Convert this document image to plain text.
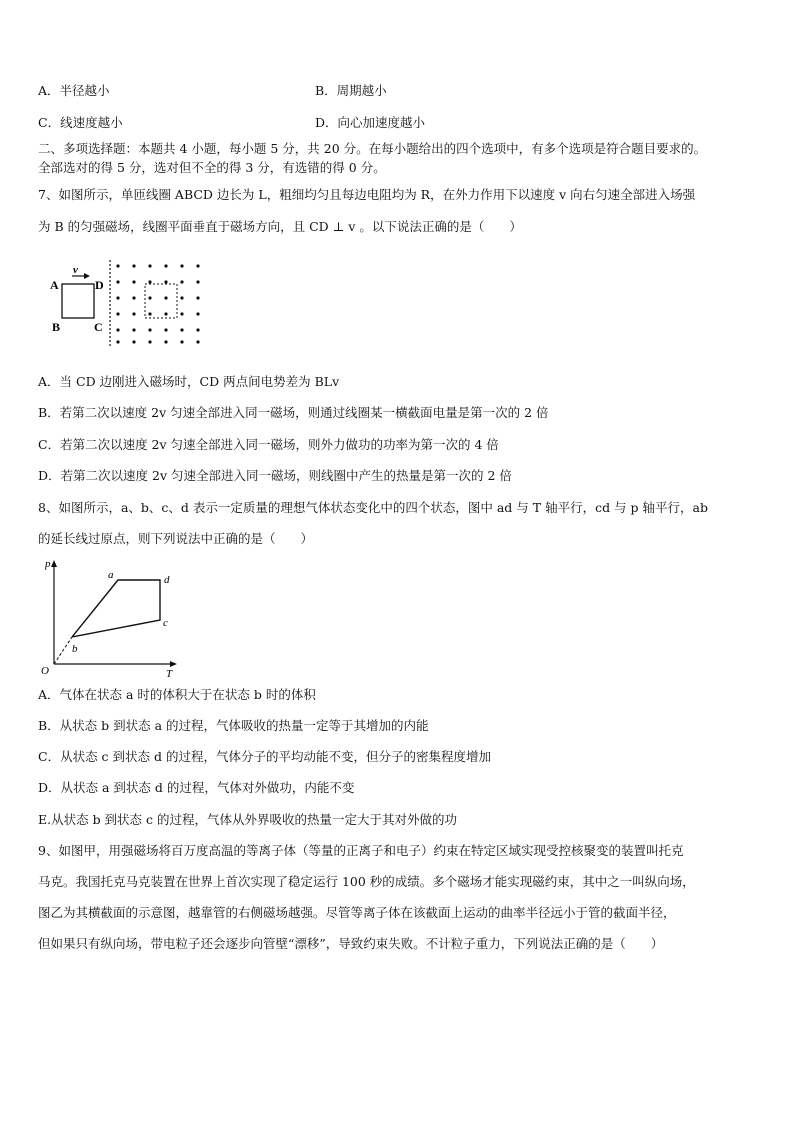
A．半径越小	B．周期越小
C．线速度越小	D．向心加速度越小
二、多项选择题：本题共 4 小题，每小题 5 分，共 20 分。在每小题给出的四个选项中，有多个选项是符合题目要求的。
全部选对的得 5 分，选对但不全的得 3 分，有选错的得 0 分。
7、如图所示，单匝线圈 ABCD 边长为 L，粗细均匀且每边电阻均为 R，在外力作用下以速度 v 向右匀速全部进入场强
为 B 的匀强磁场，线圈平面垂直于磁场方向，且 CD ⊥ v 。以下说法正确的是（　　）
v
A	D
B	C
A．当 CD 边刚进入磁场时，CD 两点间电势差为 BLv
B．若第二次以速度 2v 匀速全部进入同一磁场，则通过线圈某一横截面电量是第一次的 2 倍
C．若第二次以速度 2v 匀速全部进入同一磁场，则外力做功的功率为第一次的 4 倍
D．若第二次以速度 2v 匀速全部进入同一磁场，则线圈中产生的热量是第一次的 2 倍
8、如图所示，a、b、c、d 表示一定质量的理想气体状态变化中的四个状态，图中 ad 与 T 轴平行，cd 与 p 轴平行，ab
的延长线过原点，则下列说法中正确的是（　　）
p
T
O
a	d
c
b
A．气体在状态 a 时的体积大于在状态 b 时的体积
B．从状态 b 到状态 a 的过程，气体吸收的热量一定等于其增加的内能
C．从状态 c 到状态 d 的过程，气体分子的平均动能不变，但分子的密集程度增加
D．从状态 a 到状态 d 的过程，气体对外做功，内能不变
E.从状态 b 到状态 c 的过程，气体从外界吸收的热量一定大于其对外做的功
9、如图甲，用强磁场将百万度高温的等离子体（等量的正离子和电子）约束在特定区域实现受控核聚变的装置叫托克
马克。我国托克马克装置在世界上首次实现了稳定运行 100 秒的成绩。多个磁场才能实现磁约束，其中之一叫纵向场，
图乙为其横截面的示意图，越靠管的右侧磁场越强。尽管等离子体在该截面上运动的曲率半径远小于管的截面半径，
但如果只有纵向场，带电粒子还会逐步向管壁“漂移”，导致约束失败。不计粒子重力，下列说法正确的是（　　）
